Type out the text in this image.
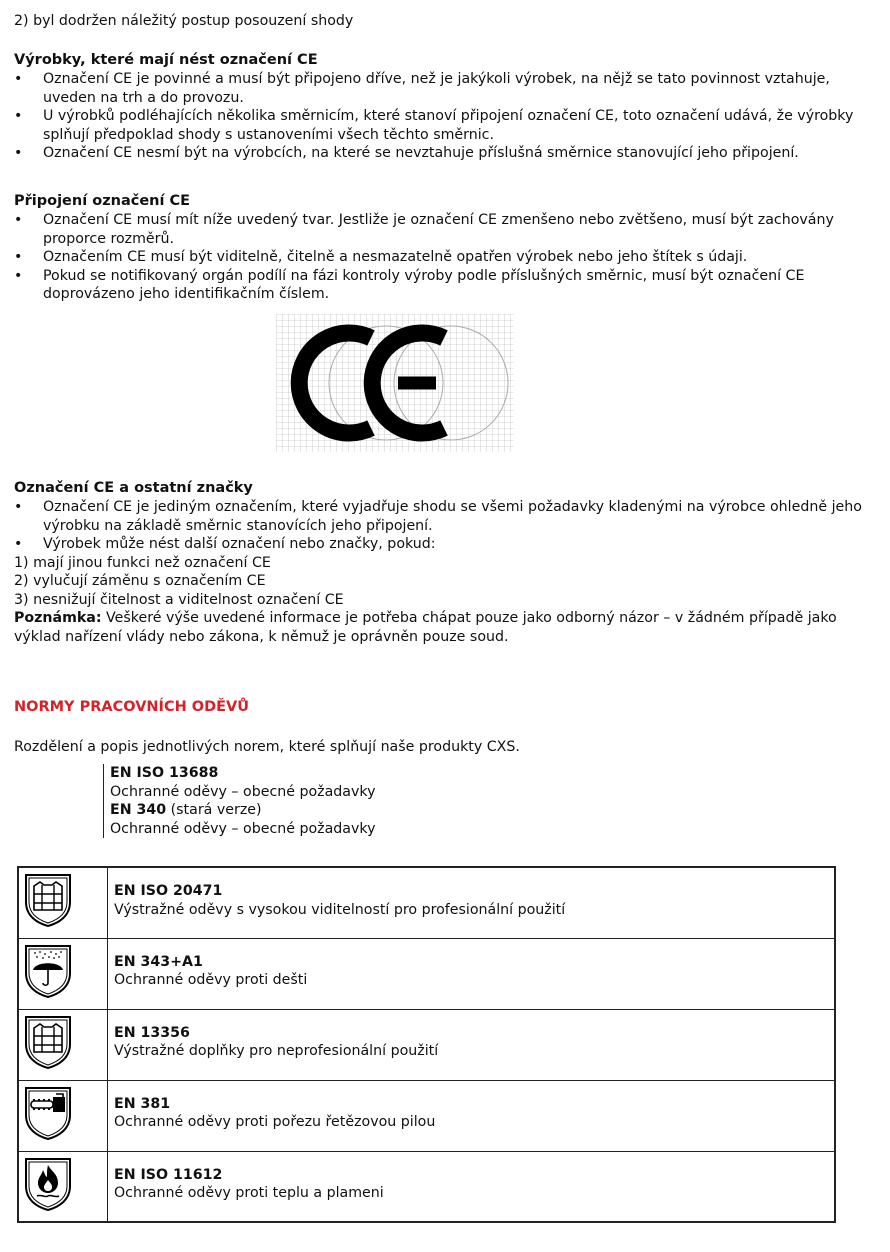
2) byl dodržen náležitý postup posouzení shody

Výrobky, které mají nést označení CE
• Označení CE je povinné a musí být připojeno dříve, než je jakýkoli výrobek, na nějž se tato povinnost vztahuje, uveden na trh a do provozu.
• U výrobků podléhajících několika směrnicím, které stanoví připojení označení CE, toto označení udává, že výrobky splňují předpoklad shody s ustanoveními všech těchto směrnic.
• Označení CE nesmí být na výrobcích, na které se nevztahuje příslušná směrnice stanovující jeho připojení.
Připojení označení CE
• Označení CE musí mít níže uvedený tvar. Jestliže je označení CE zmenšeno nebo zvětšeno, musí být zachovány proporce rozměrů.
• Označením CE musí být viditelně, čitelně a nesmazatelně opatřen výrobek nebo jeho štítek s údaji.
• Pokud se notifikovaný orgán podílí na fázi kontroly výroby podle příslušných směrnic, musí být označení CE doprovázeno jeho identifikačním číslem.
Označení CE a ostatní značky
• Označení CE je jediným označením, které vyjadřuje shodu se všemi požadavky kladenými na výrobce ohledně jeho výrobku na základě směrnic stanovících jeho připojení.
• Výrobek může nést další označení nebo značky, pokud:

1) mají jinou funkci než označení CE

2) vylučují záměnu s označením CE

3) nesnižují čitelnost a viditelnost označení CE

Poznámka: Veškeré výše uvedené informace je potřeba chápat pouze jako odborný názor – v žádném případě jako výklad nařízení vlády nebo zákona, k němuž je oprávněn pouze soud.

NORMY PRACOVNÍCH ODĚVŮ

Rozdělení a popis jednotlivých norem, které splňují naše produkty CXS.

EN ISO 13688

Ochranné oděvy – obecné požadavky

EN 340 (stará verze)

Ochranné oděvy – obecné požadavky

EN ISO 20471
Výstražné oděvy s vysokou viditelností pro profesionální použití

EN 343+A1
Ochranné oděvy proti dešti

EN 13356
Výstražné doplňky pro neprofesionální použití

EN 381
Ochranné oděvy proti pořezu řetězovou pilou

EN ISO 11612
Ochranné oděvy proti teplu a plameni
